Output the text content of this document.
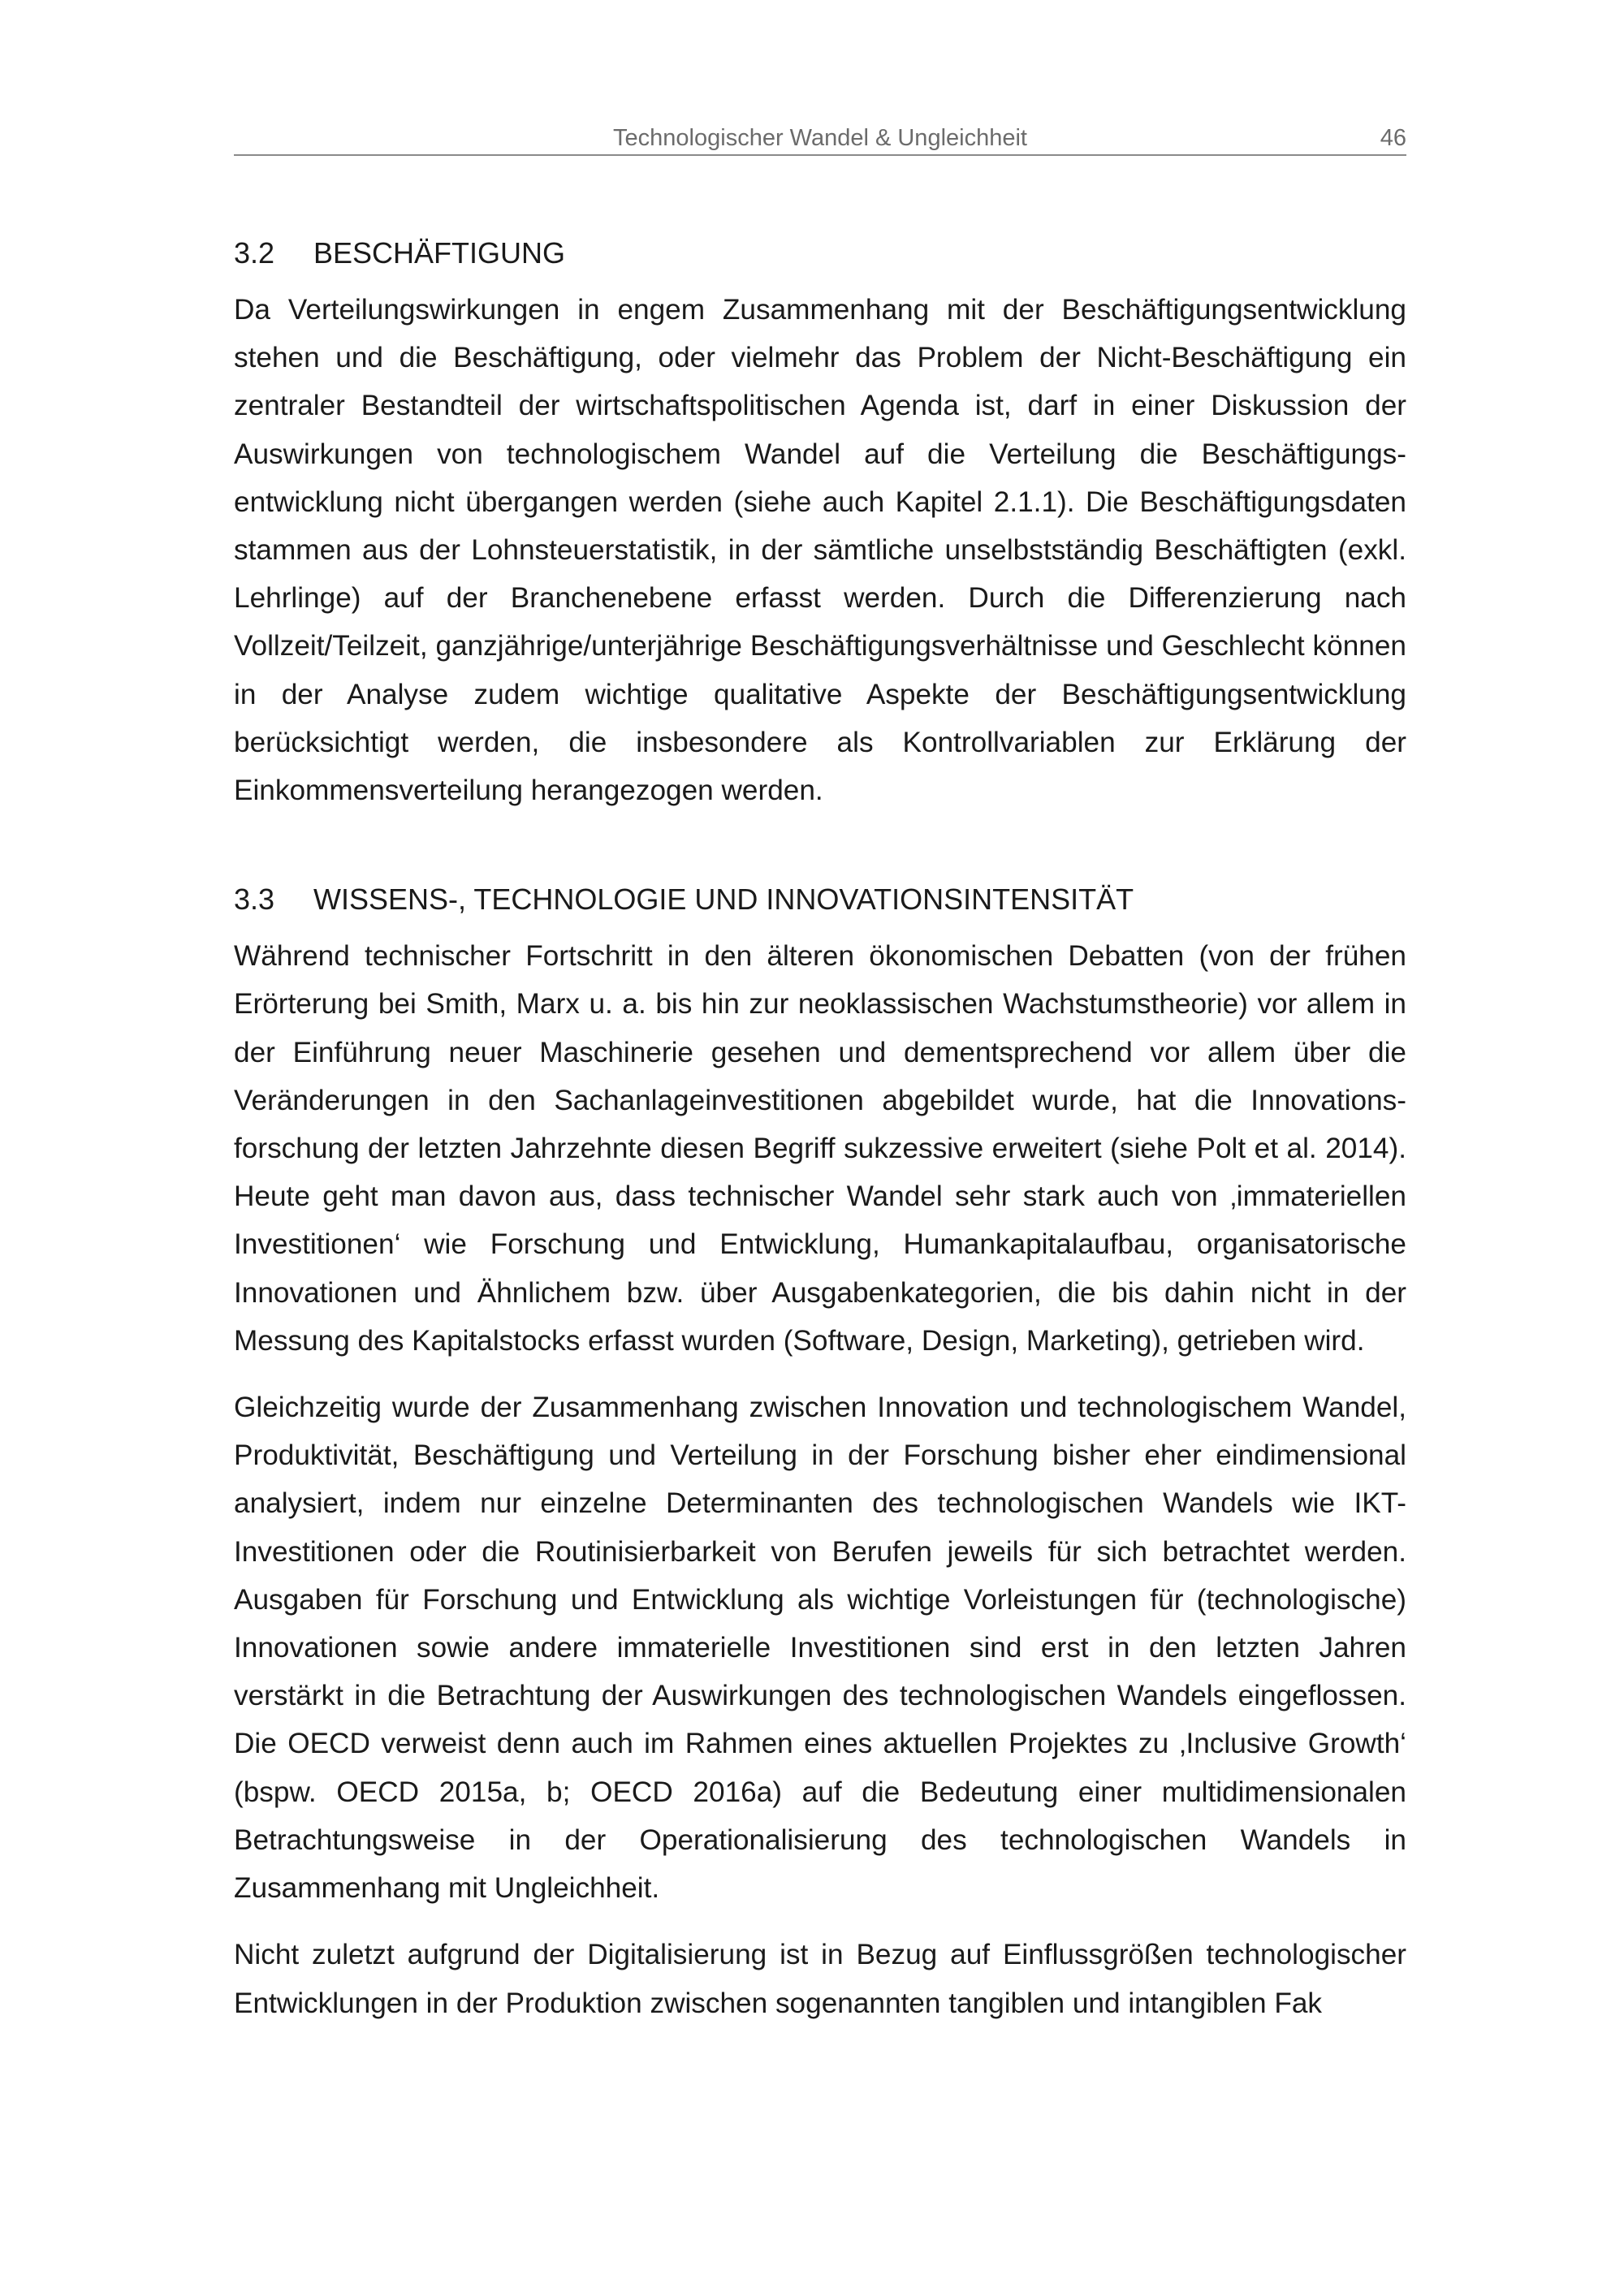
Technologischer Wandel & Ungleichheit	46
3.2	BESCHÄFTIGUNG

Da Verteilungswirkungen in engem Zusammenhang mit der Beschäftigungsentwicklung stehen und die Beschäftigung, oder vielmehr das Problem der Nicht-Beschäftigung ein zentraler Bestandteil der wirtschaftspolitischen Agenda ist, darf in einer Diskussion der Auswirkungen von technologischem Wandel auf die Verteilung die Beschäftigungsentwicklung nicht übergangen werden (siehe auch Kapitel 2.1.1). Die Beschäftigungsdaten stammen aus der Lohnsteuerstatistik, in der sämtliche unselbstständig Beschäftigten (exkl. Lehrlinge) auf der Branchenebene erfasst werden. Durch die Differenzierung nach Vollzeit/Teilzeit, ganzjährige/unterjährige Beschäftigungsverhältnisse und Geschlecht können in der Analyse zudem wichtige qualitative Aspekte der Beschäftigungsentwicklung berücksichtigt werden, die insbesondere als Kontrollvariablen zur Erklärung der Einkommensverteilung herangezogen werden.

3.3	WISSENS-, TECHNOLOGIE UND INNOVATIONSINTENSITÄT

Während technischer Fortschritt in den älteren ökonomischen Debatten (von der frühen Erörterung bei Smith, Marx u. a. bis hin zur neoklassischen Wachstumstheorie) vor allem in der Einführung neuer Maschinerie gesehen und dementsprechend vor allem über die Veränderungen in den Sachanlageinvestitionen abgebildet wurde, hat die Innovationsforschung der letzten Jahrzehnte diesen Begriff sukzessive erweitert (siehe Polt et al. 2014). Heute geht man davon aus, dass technischer Wandel sehr stark auch von ‚immateriellen Investitionen‘ wie Forschung und Entwicklung, Humankapitalaufbau, organisatorische Innovationen und Ähnlichem bzw. über Ausgabenkategorien, die bis dahin nicht in der Messung des Kapitalstocks erfasst wurden (Software, Design, Marketing), getrieben wird.

Gleichzeitig wurde der Zusammenhang zwischen Innovation und technologischem Wandel, Produktivität, Beschäftigung und Verteilung in der Forschung bisher eher eindimensional analysiert, indem nur einzelne Determinanten des technologischen Wandels wie IKT-Investitionen oder die Routinisierbarkeit von Berufen jeweils für sich betrachtet werden. Ausgaben für Forschung und Entwicklung als wichtige Vorleistungen für (technologische) Innovationen sowie andere immaterielle Investitionen sind erst in den letzten Jahren verstärkt in die Betrachtung der Auswirkungen des technologischen Wandels eingeflossen. Die OECD verweist denn auch im Rahmen eines aktuellen Projektes zu ‚Inclusive Growth‘ (bspw. OECD 2015a, b; OECD 2016a) auf die Bedeutung einer multidimensionalen Betrachtungsweise in der Operationalisierung des technologischen Wandels in Zusammenhang mit Ungleichheit.

Nicht zuletzt aufgrund der Digitalisierung ist in Bezug auf Einflussgrößen technologischer Entwicklungen in der Produktion zwischen sogenannten tangiblen und intangiblen Fak
